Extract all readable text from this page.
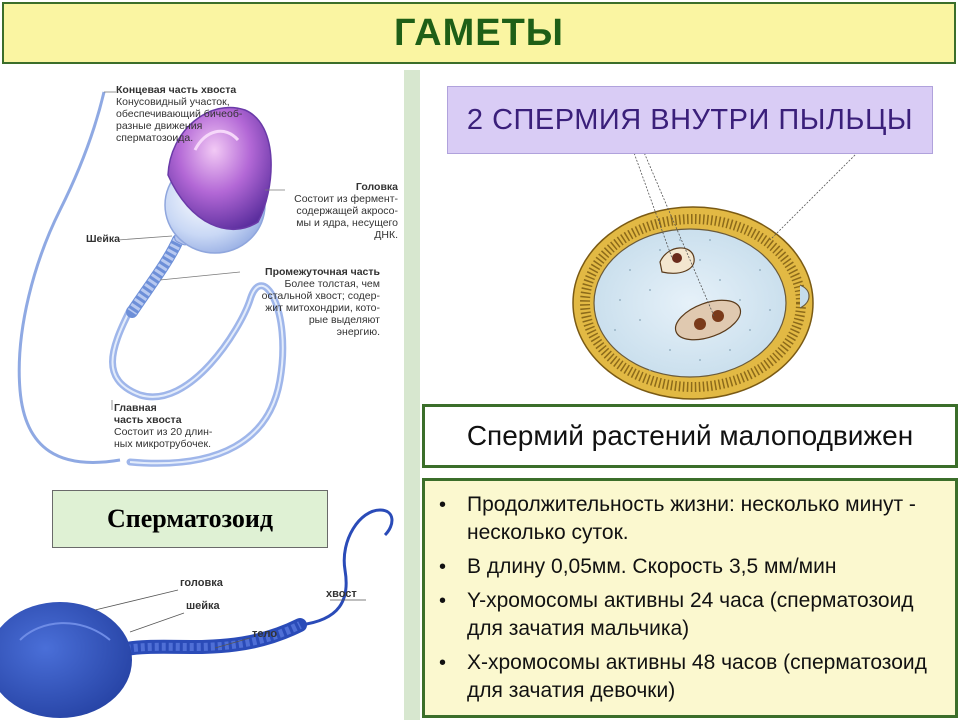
ГАМЕТЫ
Концевая часть хвоста
Конусовидный участок,
обеспечивающий бичеоб-
разные движения
сперматозоида.
Головка
Состоит из фермент-
содержащей акросо-
мы и ядра, несущего
ДНК.
Шейка
Промежуточная часть
Более толстая, чем
остальной хвост; содер-
жит митохондрии, кото-
рые выделяют
энергию.
Главная
часть хвоста
Состоит из 20 длин-
ных микротрубочек.
головка
шейка
тело
хвост
Сперматозоид
2 СПЕРМИЯ ВНУТРИ ПЫЛЬЦЫ
Спермий растений малоподвижен
• Продолжительность жизни: несколько минут - несколько суток.
• В длину 0,05мм. Скорость 3,5 мм/мин
• Y-хромосомы активны 24 часа (сперматозоид для зачатия мальчика)
• X-хромосомы активны 48 часов (сперматозоид для зачатия девочки)
